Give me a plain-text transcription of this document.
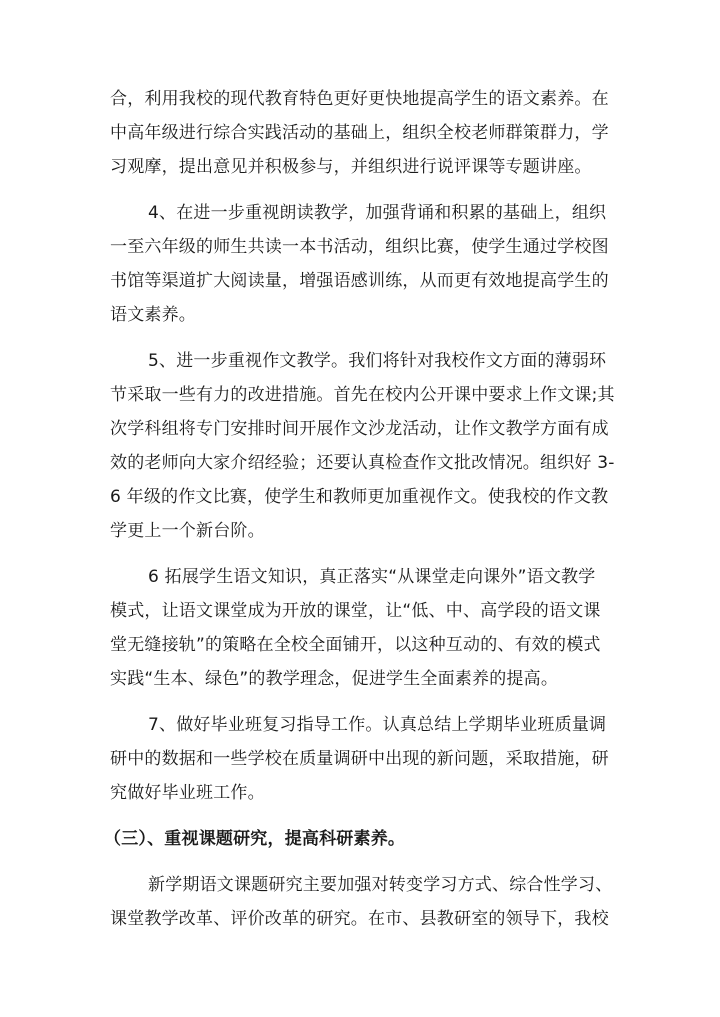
合，利用我校的现代教育特色更好更快地提高学生的语文素养。在
中高年级进行综合实践活动的基础上，组织全校老师群策群力，学
习观摩，提出意见并积极参与，并组织进行说评课等专题讲座。
4、在进一步重视朗读教学，加强背诵和积累的基础上，组织
一至六年级的师生共读一本书活动，组织比赛，使学生通过学校图
书馆等渠道扩大阅读量，增强语感训练，从而更有效地提高学生的
语文素养。
5、进一步重视作文教学。我们将针对我校作文方面的薄弱环
节采取一些有力的改进措施。首先在校内公开课中要求上作文课;其
次学科组将专门安排时间开展作文沙龙活动，让作文教学方面有成
效的老师向大家介绍经验；还要认真检查作文批改情况。组织好 3-
6 年级的作文比赛，使学生和教师更加重视作文。使我校的作文教
学更上一个新台阶。
6 拓展学生语文知识，真正落实“从课堂走向课外”语文教学
模式，让语文课堂成为开放的课堂，让“低、中、高学段的语文课
堂无缝接轨”的策略在全校全面铺开，以这种互动的、有效的模式
实践“生本、绿色”的教学理念，促进学生全面素养的提高。
7、做好毕业班复习指导工作。认真总结上学期毕业班质量调
研中的数据和一些学校在质量调研中出现的新问题，采取措施，研
究做好毕业班工作。
（三）、重视课题研究，提高科研素养。
新学期语文课题研究主要加强对转变学习方式、综合性学习、
课堂教学改革、评价改革的研究。在市、县教研室的领导下，我校
